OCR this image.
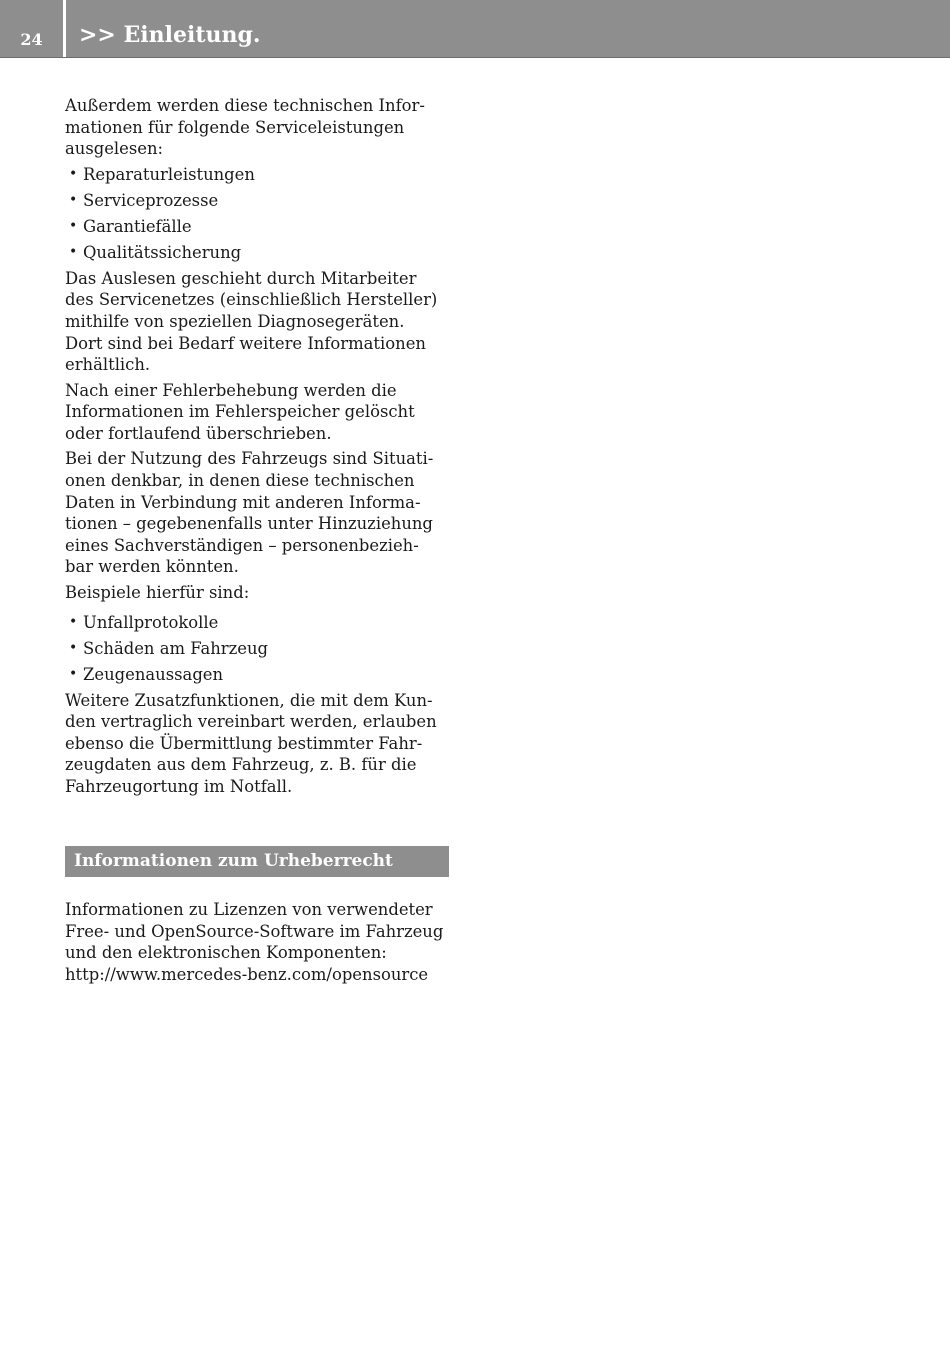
24	>> Einleitung.

Außerdem werden diese technischen Infor-
mationen für folgende Serviceleistungen
ausgelesen:

• Reparaturleistungen
• Serviceprozesse
• Garantiefälle
• Qualitätssicherung

Das Auslesen geschieht durch Mitarbeiter
des Servicenetzes (einschließlich Hersteller)
mithilfe von speziellen Diagnosegeräten.
Dort sind bei Bedarf weitere Informationen
erhältlich.

Nach einer Fehlerbehebung werden die
Informationen im Fehlerspeicher gelöscht
oder fortlaufend überschrieben.

Bei der Nutzung des Fahrzeugs sind Situati-
onen denkbar, in denen diese technischen
Daten in Verbindung mit anderen Informa-
tionen – gegebenenfalls unter Hinzuziehung
eines Sachverständigen – personenbezieh-
bar werden könnten.

Beispiele hierfür sind:

• Unfallprotokolle
• Schäden am Fahrzeug
• Zeugenaussagen

Weitere Zusatzfunktionen, die mit dem Kun-
den vertraglich vereinbart werden, erlauben
ebenso die Übermittlung bestimmter Fahr-
zeugdaten aus dem Fahrzeug, z. B. für die
Fahrzeugortung im Notfall.

Informationen zum Urheberrecht

Informationen zu Lizenzen von verwendeter
Free- und OpenSource-Software im Fahrzeug
und den elektronischen Komponenten:
http://www.mercedes-benz.com/opensource
